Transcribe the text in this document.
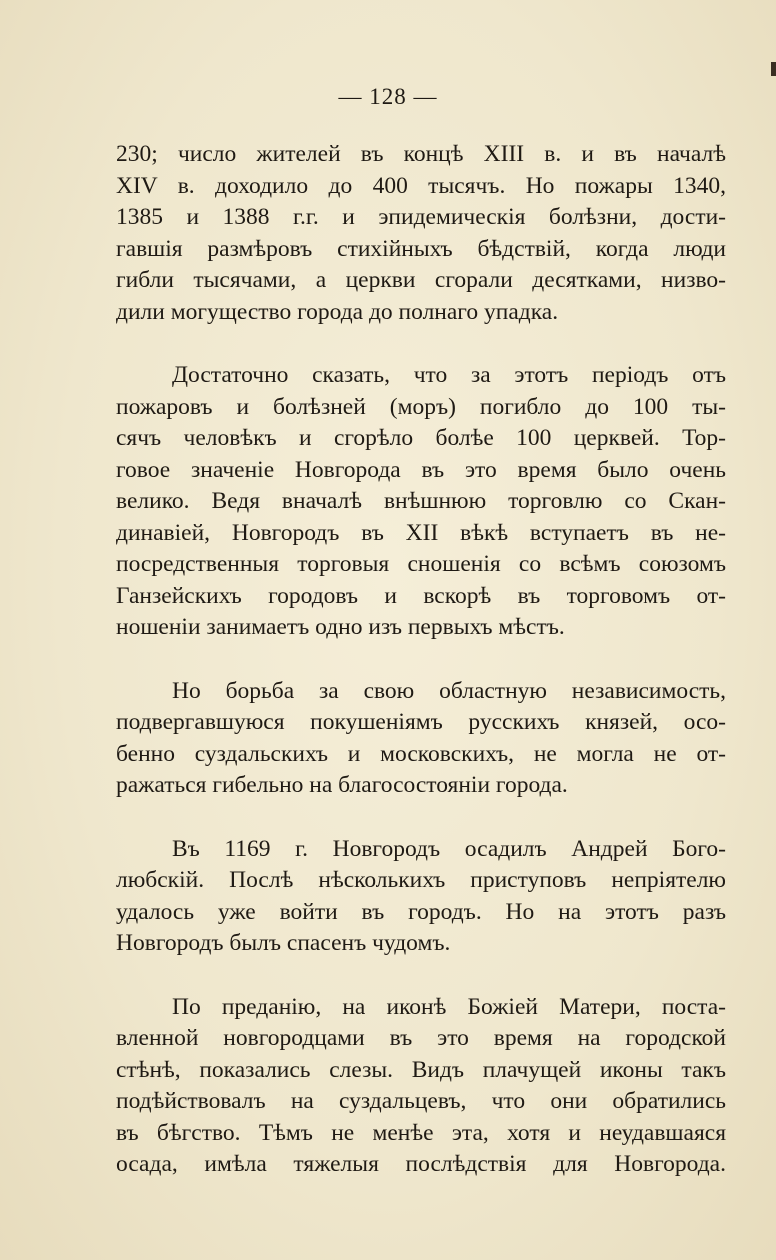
— 128 —

230; число жителей въ концѣ XIII в. и въ началѣ
XIV в. доходило до 400 тысячъ. Но пожары 1340,
1385 и 1388 г.г. и эпидемическія болѣзни, дости-
гавшія размѣровъ стихійныхъ бѣдствій, когда люди
гибли тысячами, а церкви сгорали десятками, низво-
дили могущество города до полнаго упадка.

Достаточно сказать, что за этотъ періодъ отъ
пожаровъ и болѣзней (моръ) погибло до 100 ты-
сячъ человѣкъ и сгорѣло болѣе 100 церквей. Тор-
говое значеніе Новгорода въ это время было очень
велико. Ведя вначалѣ внѣшнюю торговлю со Скан-
динавіей, Новгородъ въ XII вѣкѣ вступаетъ въ не-
посредственныя торговыя сношенія со всѣмъ союзомъ
Ганзейскихъ городовъ и вскорѣ въ торговомъ от-
ношеніи занимаетъ одно изъ первыхъ мѣстъ.

Но борьба за свою областную независимость,
подвергавшуюся покушеніямъ русскихъ князей, осо-
бенно суздальскихъ и московскихъ, не могла не от-
ражаться гибельно на благосостояніи города.

Въ 1169 г. Новгородъ осадилъ Андрей Бого-
любскій. Послѣ нѣсколькихъ приступовъ непріятелю
удалось уже войти въ городъ. Но на этотъ разъ
Новгородъ былъ спасенъ чудомъ.

По преданію, на иконѣ Божіей Матери, поста-
вленной новгородцами въ это время на городской
стѣнѣ, показались слезы. Видъ плачущей иконы такъ
подѣйствовалъ на суздальцевъ, что они обратились
въ бѣгство. Тѣмъ не менѣе эта, хотя и неудавшаяся
осада, имѣла тяжелыя послѣдствія для Новгорода.
